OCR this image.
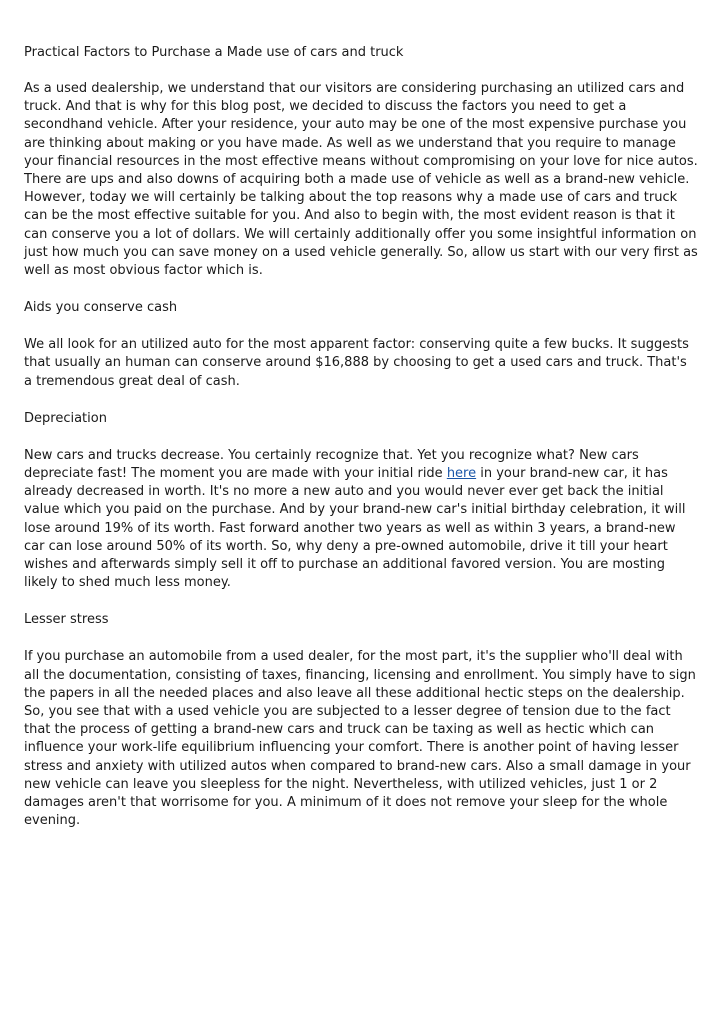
Practical Factors to Purchase a Made use of cars and truck

As a used dealership, we understand that our visitors are considering purchasing an utilized cars and truck. And that is why for this blog post, we decided to discuss the factors you need to get a secondhand vehicle. After your residence, your auto may be one of the most expensive purchase you are thinking about making or you have made. As well as we understand that you require to manage your financial resources in the most effective means without compromising on your love for nice autos. There are ups and also downs of acquiring both a made use of vehicle as well as a brand-new vehicle. However, today we will certainly be talking about the top reasons why a made use of cars and truck can be the most effective suitable for you. And also to begin with, the most evident reason is that it can conserve you a lot of dollars. We will certainly additionally offer you some insightful information on just how much you can save money on a used vehicle generally. So, allow us start with our very first as well as most obvious factor which is.

Aids you conserve cash

We all look for an utilized auto for the most apparent factor: conserving quite a few bucks. It suggests that usually an human can conserve around $16,888 by choosing to get a used cars and truck. That's a tremendous great deal of cash.

Depreciation

New cars and trucks decrease. You certainly recognize that. Yet you recognize what? New cars depreciate fast! The moment you are made with your initial ride here in your brand-new car, it has already decreased in worth. It's no more a new auto and you would never ever get back the initial value which you paid on the purchase. And by your brand-new car's initial birthday celebration, it will lose around 19% of its worth. Fast forward another two years as well as within 3 years, a brand-new car can lose around 50% of its worth. So, why deny a pre-owned automobile, drive it till your heart wishes and afterwards simply sell it off to purchase an additional favored version. You are mosting likely to shed much less money.

Lesser stress

If you purchase an automobile from a used dealer, for the most part, it's the supplier who'll deal with all the documentation, consisting of taxes, financing, licensing and enrollment. You simply have to sign the papers in all the needed places and also leave all these additional hectic steps on the dealership. So, you see that with a used vehicle you are subjected to a lesser degree of tension due to the fact that the process of getting a brand-new cars and truck can be taxing as well as hectic which can influence your work-life equilibrium influencing your comfort. There is another point of having lesser stress and anxiety with utilized autos when compared to brand-new cars. Also a small damage in your new vehicle can leave you sleepless for the night. Nevertheless, with utilized vehicles, just 1 or 2 damages aren't that worrisome for you. A minimum of it does not remove your sleep for the whole evening.
